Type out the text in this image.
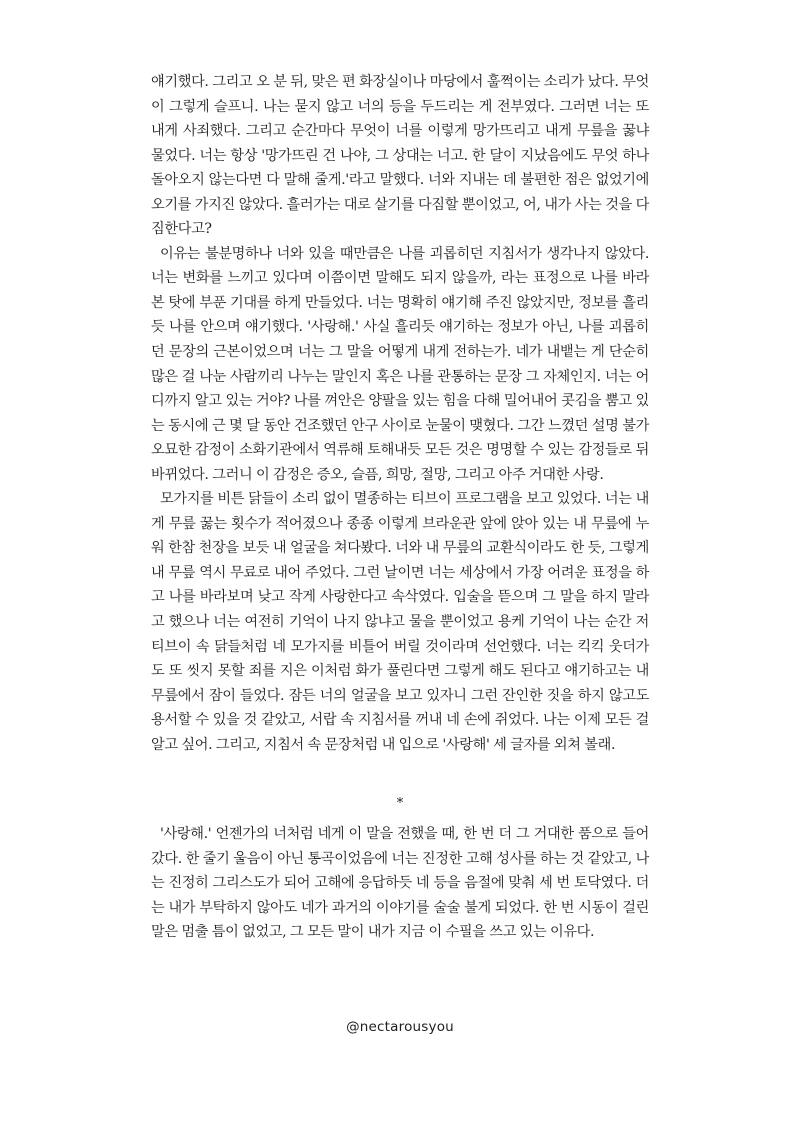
얘기했다. 그리고 오 분 뒤, 맞은 편 화장실이나 마당에서 훌쩍이는 소리가 났다. 무엇이 그렇게 슬프니. 나는 묻지 않고 너의 등을 두드리는 게 전부였다. 그러면 너는 또 내게 사죄했다. 그리고 순간마다 무엇이 너를 이렇게 망가뜨리고 내게 무릎을 꿇냐 물었다. 너는 항상 '망가뜨린 건 나야, 그 상대는 너고. 한 달이 지났음에도 무엇 하나 돌아오지 않는다면 다 말해 줄게.'라고 말했다. 너와 지내는 데 불편한 점은 없었기에 오기를 가지진 않았다. 흘러가는 대로 살기를 다짐할 뿐이었고, 어, 내가 사는 것을 다짐한다고?

이유는 불분명하나 너와 있을 때만큼은 나를 괴롭히던 지침서가 생각나지 않았다. 너는 변화를 느끼고 있다며 이쯤이면 말해도 되지 않을까, 라는 표정으로 나를 바라본 탓에 부푼 기대를 하게 만들었다. 너는 명확히 얘기해 주진 않았지만, 정보를 흘리듯 나를 안으며 얘기했다. '사랑해.' 사실 흘리듯 얘기하는 정보가 아닌, 나를 괴롭히던 문장의 근본이었으며 너는 그 말을 어떻게 내게 전하는가. 네가 내뱉는 게 단순히 많은 걸 나눈 사람끼리 나누는 말인지 혹은 나를 관통하는 문장 그 자체인지. 너는 어디까지 알고 있는 거야? 나를 껴안은 양팔을 있는 힘을 다해 밀어내어 콧김을 뿜고 있는 동시에 근 몇 달 동안 건조했던 안구 사이로 눈물이 맺혔다. 그간 느꼈던 설명 불가 오묘한 감정이 소화기관에서 역류해 토해내듯 모든 것은 명명할 수 있는 감정들로 뒤바뀌었다. 그러니 이 감정은 증오, 슬픔, 희망, 절망, 그리고 아주 거대한 사랑.

모가지를 비튼 닭들이 소리 없이 멸종하는 티브이 프로그램을 보고 있었다. 너는 내게 무릎 꿇는 횟수가 적어졌으나 종종 이렇게 브라운관 앞에 앉아 있는 내 무릎에 누워 한참 천장을 보듯 내 얼굴을 쳐다봤다. 너와 내 무릎의 교환식이라도 한 듯, 그렇게 내 무릎 역시 무료로 내어 주었다. 그런 날이면 너는 세상에서 가장 어려운 표정을 하고 나를 바라보며 낮고 작게 사랑한다고 속삭였다. 입술을 뜯으며 그 말을 하지 말라고 했으나 너는 여전히 기억이 나지 않냐고 물을 뿐이었고 용케 기억이 나는 순간 저 티브이 속 닭들처럼 네 모가지를 비틀어 버릴 것이라며 선언했다. 너는 킥킥 웃더가도 또 씻지 못할 죄를 지은 이처럼 화가 풀린다면 그렇게 해도 된다고 얘기하고는 내 무릎에서 잠이 들었다. 잠든 너의 얼굴을 보고 있자니 그런 잔인한 짓을 하지 않고도 용서할 수 있을 것 같았고, 서랍 속 지침서를 꺼내 네 손에 쥐었다. 나는 이제 모든 걸 알고 싶어. 그리고, 지침서 속 문장처럼 내 입으로 '사랑해' 세 글자를 외쳐 볼래.

*

'사랑해.' 언젠가의 너처럼 네게 이 말을 전했을 때, 한 번 더 그 거대한 품으로 들어갔다. 한 줄기 울음이 아닌 통곡이었음에 너는 진정한 고해 성사를 하는 것 같았고, 나는 진정히 그리스도가 되어 고해에 응답하듯 네 등을 음절에 맞춰 세 번 토닥였다. 더는 내가 부탁하지 않아도 네가 과거의 이야기를 술술 불게 되었다. 한 번 시동이 걸린 말은 멈출 틈이 없었고, 그 모든 말이 내가 지금 이 수필을 쓰고 있는 이유다.

@nectarousyou
